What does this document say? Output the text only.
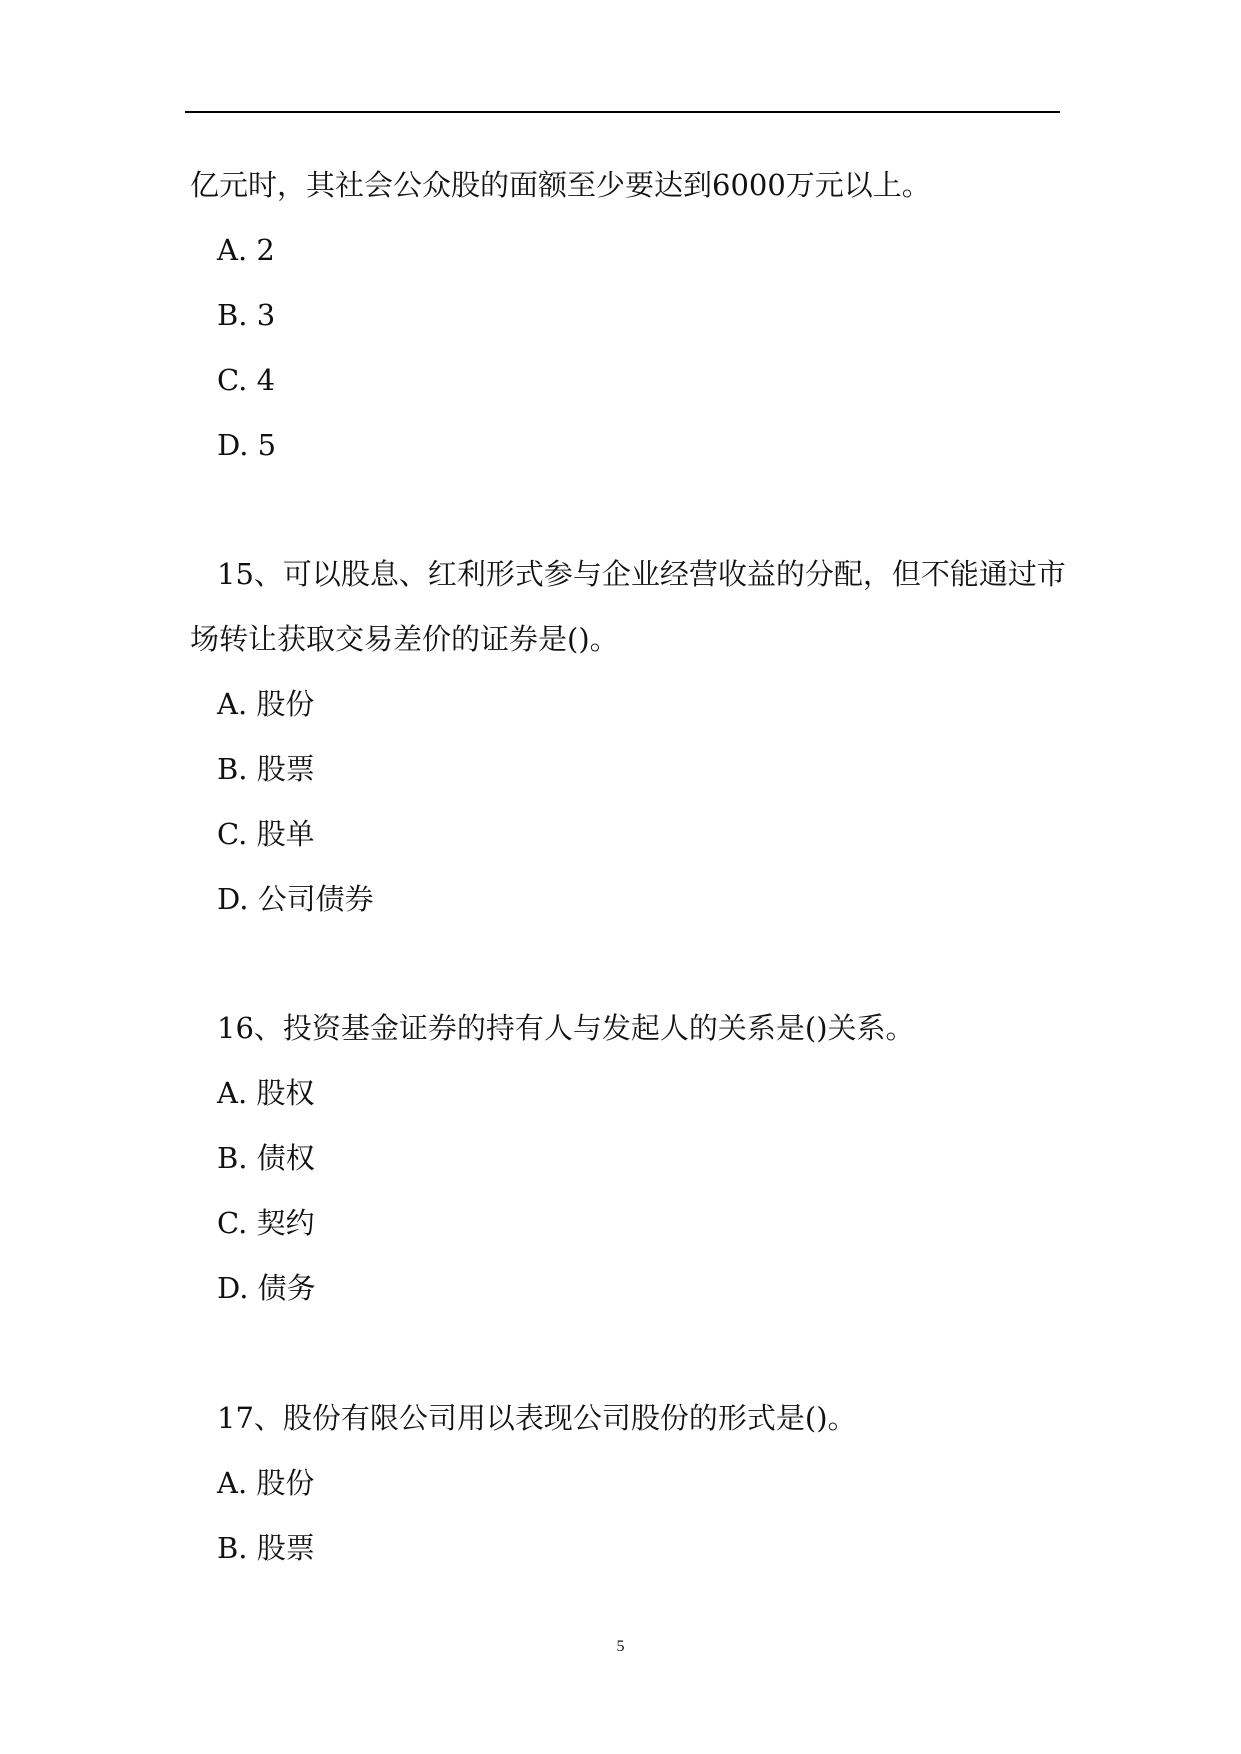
亿元时，其社会公众股的面额至少要达到6000万元以上。
A. 2
B. 3
C. 4
D. 5
15、可以股息、红利形式参与企业经营收益的分配，但不能通过市
场转让获取交易差价的证券是()。
A. 股份
B. 股票
C. 股单
D. 公司债券
16、投资基金证券的持有人与发起人的关系是()关系。
A. 股权
B. 债权
C. 契约
D. 债务
17、股份有限公司用以表现公司股份的形式是()。
A. 股份
B. 股票
5
